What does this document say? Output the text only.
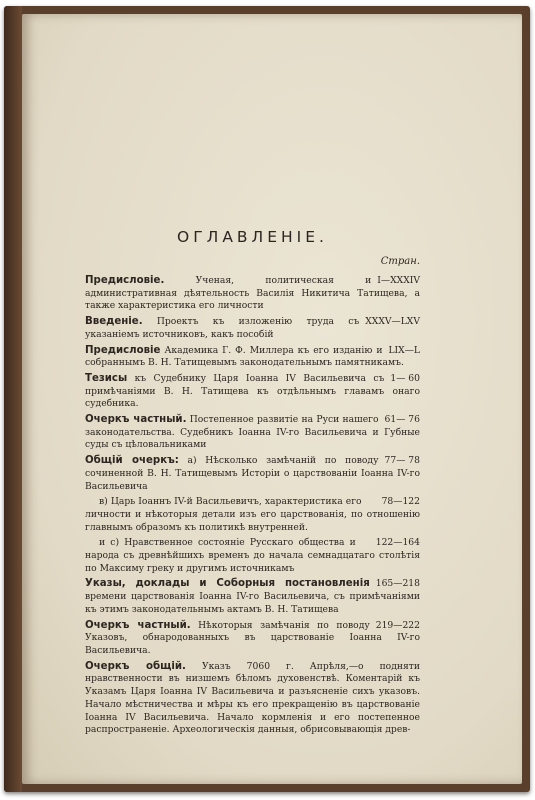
ОГЛАВЛЕНІЕ.
Стран.
I—XXXIV
Предисловіе.	Ученая, политическая и административная дѣятельность Василія Никитича Татищева, а также характеристика его личности
XXXV—LXV
Введеніе. Проектъ къ изложенію труда съ указаніемъ источниковъ, какъ пособій
LIX—L
Предисловіе Академика Г. Ф. Миллера къ его изданію и собраннымъ В. Н. Татищевымъ законодательнымъ памятникамъ.
1— 60
Тезисы къ Судебнику Царя Іоанна IV Васильевича съ примѣчаніями В. Н. Татищева къ отдѣльнымъ главамъ онаго судебника.
61— 76
Очеркъ частный. Постепенное развитіе на Руси нашего законодательства. Судебникъ Іоанна IV-го Васильевича и Губные суды съ цѣловальниками
77— 78
Общій очеркъ: а) Нѣсколько замѣчаній по поводу сочиненной В. Н. Татищевымъ Исторіи о царствованіи Іоанна IV-го Васильевича
78—122
в) Царь Іоаннъ IV-й Васильевичъ, характеристика его личности и нѣкоторыя детали изъ его царствованія, по отношенію главнымъ образомъ къ политикѣ внутренней.
122—164
и с) Нравственное состояніе Русскаго общества и народа съ древнѣйшихъ временъ до начала семнадцатаго столѣтія по Максиму греку и другимъ источникамъ
165—218
Указы, доклады и Соборныя постановленія времени царствованія Іоанна IV-го Васильевича, съ примѣчаніями къ этимъ законодательнымъ актамъ В. Н. Татищева
219—222
Очеркъ частный. Нѣкоторыя замѣчанія по поводу Указовъ, обнародованныхъ въ царствованіе Іоанна IV-го Васильевича.
Очеркъ общій. Указъ 7060 г. Апрѣля,—о подняти нравственности въ низшемъ бѣломъ духовенствѣ. Коментарій къ Указамъ Царя Іоанна IV Васильевича и разъясненіе сихъ указовъ. Начало мѣстничества и мѣры къ его прекращенію въ царствованіе Іоанна IV Васильевича. Начало кормленія и его постепенное распространеніе. Археологическія данныя, обрисовывающія древ-
